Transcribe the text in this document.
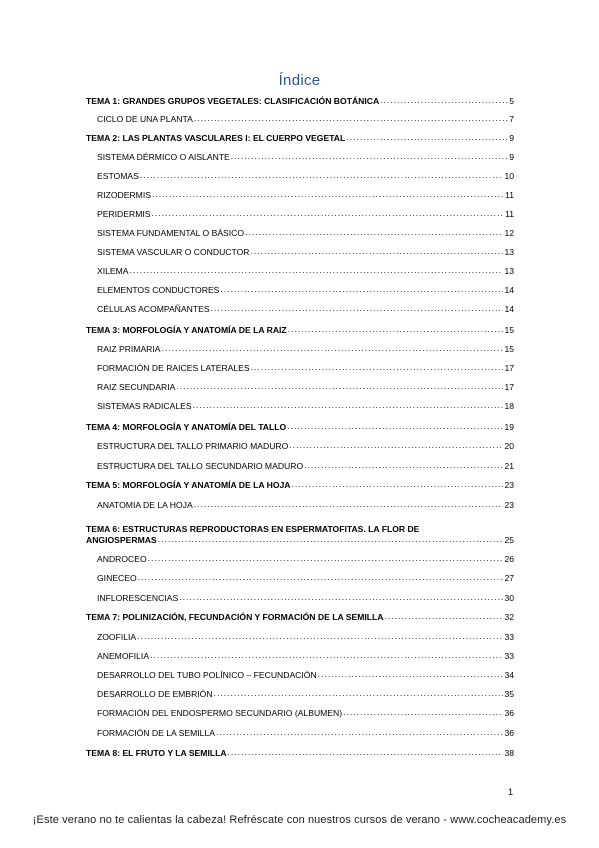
Índice
TEMA 1: GRANDES GRUPOS VEGETALES: CLASIFICACIÓN BOTÁNICA .....	5
CICLO DE UNA PLANTA .....	7
TEMA 2: LAS PLANTAS VASCULARES I: EL CUERPO VEGETAL .....	9
SISTEMA DÉRMICO O AISLANTE .....	9
ESTOMAS .....	10
RIZODERMIS .....	11
PERIDERMIS .....	11
SISTEMA FUNDAMENTAL O BÁSICO .....	12
SISTEMA VASCULAR O CONDUCTOR .....	13
XILEMA .....	13
ELEMENTOS CONDUCTORES .....	14
CÉLULAS ACOMPAÑANTES .....	14
TEMA 3: MORFOLOGÍA Y ANATOMÍA DE LA RAIZ .....	15
RAIZ PRIMARIA .....	15
FORMACIÓN DE RAICES LATERALES .....	17
RAIZ SECUNDARIA .....	17
SISTEMAS RADICALES .....	18
TEMA 4: MORFOLOGÍA Y ANATOMÍA DEL TALLO .....	19
ESTRUCTURA DEL TALLO PRIMARIO MADURO .....	20
ESTRUCTURA DEL TALLO SECUNDARIO MADURO .....	21
TEMA 5: MORFOLOGÍA Y ANATOMÍA DE LA HOJA .....	23
ANATOMIA DE LA HOJA .....	23
TEMA 6: ESTRUCTURAS REPRODUCTORAS EN ESPERMATOFITAS. LA FLOR DE
ANGIOSPERMAS .....	25
ANDROCEO .....	26
GINECEO .....	27
INFLORESCENCIAS .....	30
TEMA 7: POLINIZACIÓN, FECUNDACIÓN Y FORMACIÓN DE LA SEMILLA .....	32
ZOOFILIA .....	33
ANEMOFILIA .....	33
DESARROLLO DEL TUBO POLÍNICO – FECUNDACIÓN .....	34
DESARROLLO DE EMBRIÓN .....	35
FORMACIÓN DEL ENDOSPERMO SECUNDARIO (ALBUMEN) .....	36
FORMACIÓN DE LA SEMILLA .....	36
TEMA 8: EL FRUTO Y LA SEMILLA .....	38
1
¡Este verano no te calientas la cabeza! Refréscate con nuestros cursos de verano - www.cocheacademy.es
